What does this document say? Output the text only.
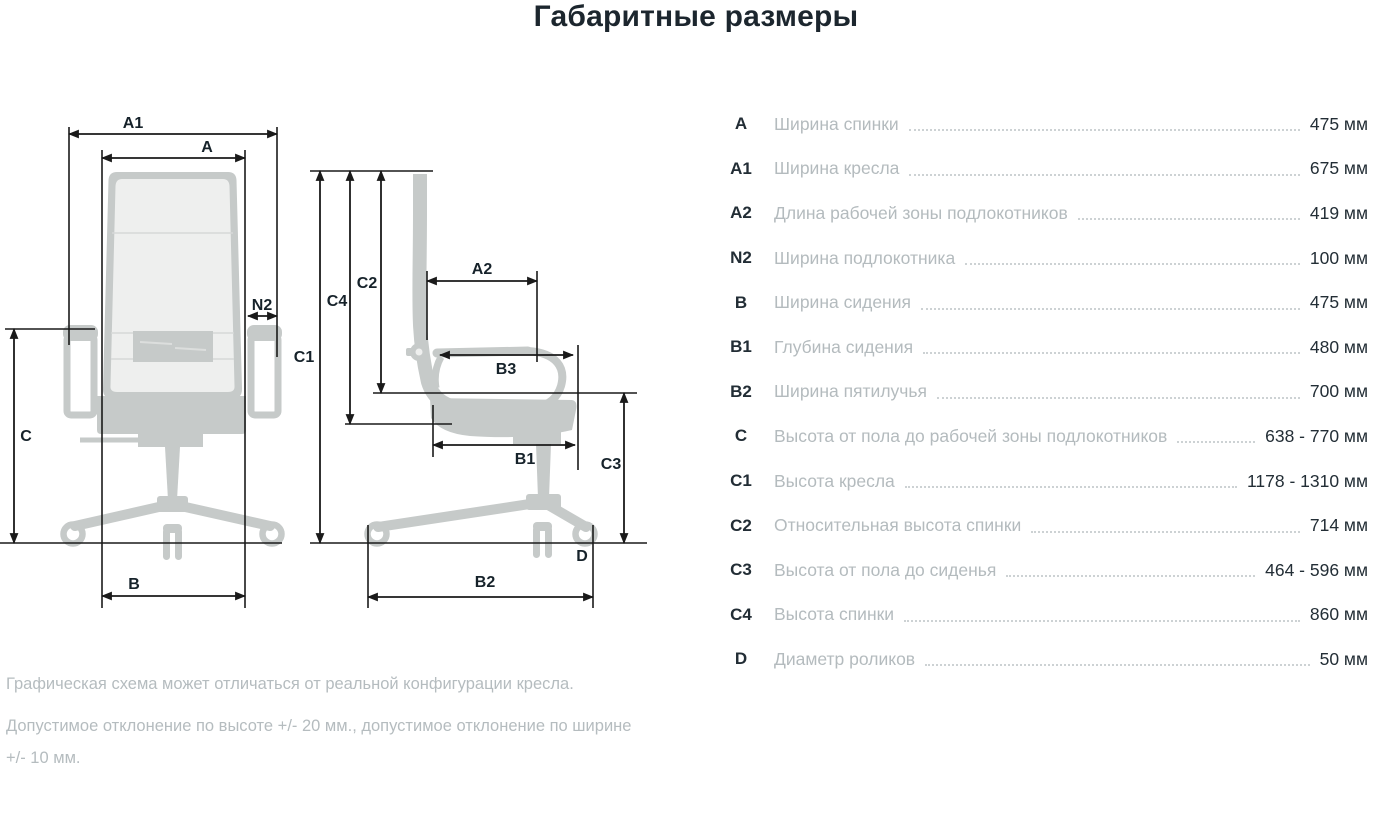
Габаритные размеры
A1
A
N2
C
B
C1
C4
C2
A2
B3
B1	C3
D
B2
A	Ширина спинки	475 мм
A1	Ширина кресла	675 мм
A2	Длина рабочей зоны подлокотников	419 мм
N2	Ширина подлокотника	100 мм
B	Ширина сидения	475 мм
B1	Глубина сидения	480 мм
B2	Ширина пятилучья	700 мм
C	Высота от пола до рабочей зоны подлокотников	638 - 770 мм
C1	Высота кресла	1178 - 1310 мм
C2	Относительная высота спинки	714 мм
C3	Высота от пола до сиденья	464 - 596 мм
C4	Высота спинки	860 мм
D	Диаметр роликов	50 мм
Графическая схема может отличаться от реальной конфигурации кресла.
Допустимое отклонение по высоте +/- 20 мм., допустимое отклонение по ширине +/- 10 мм.
